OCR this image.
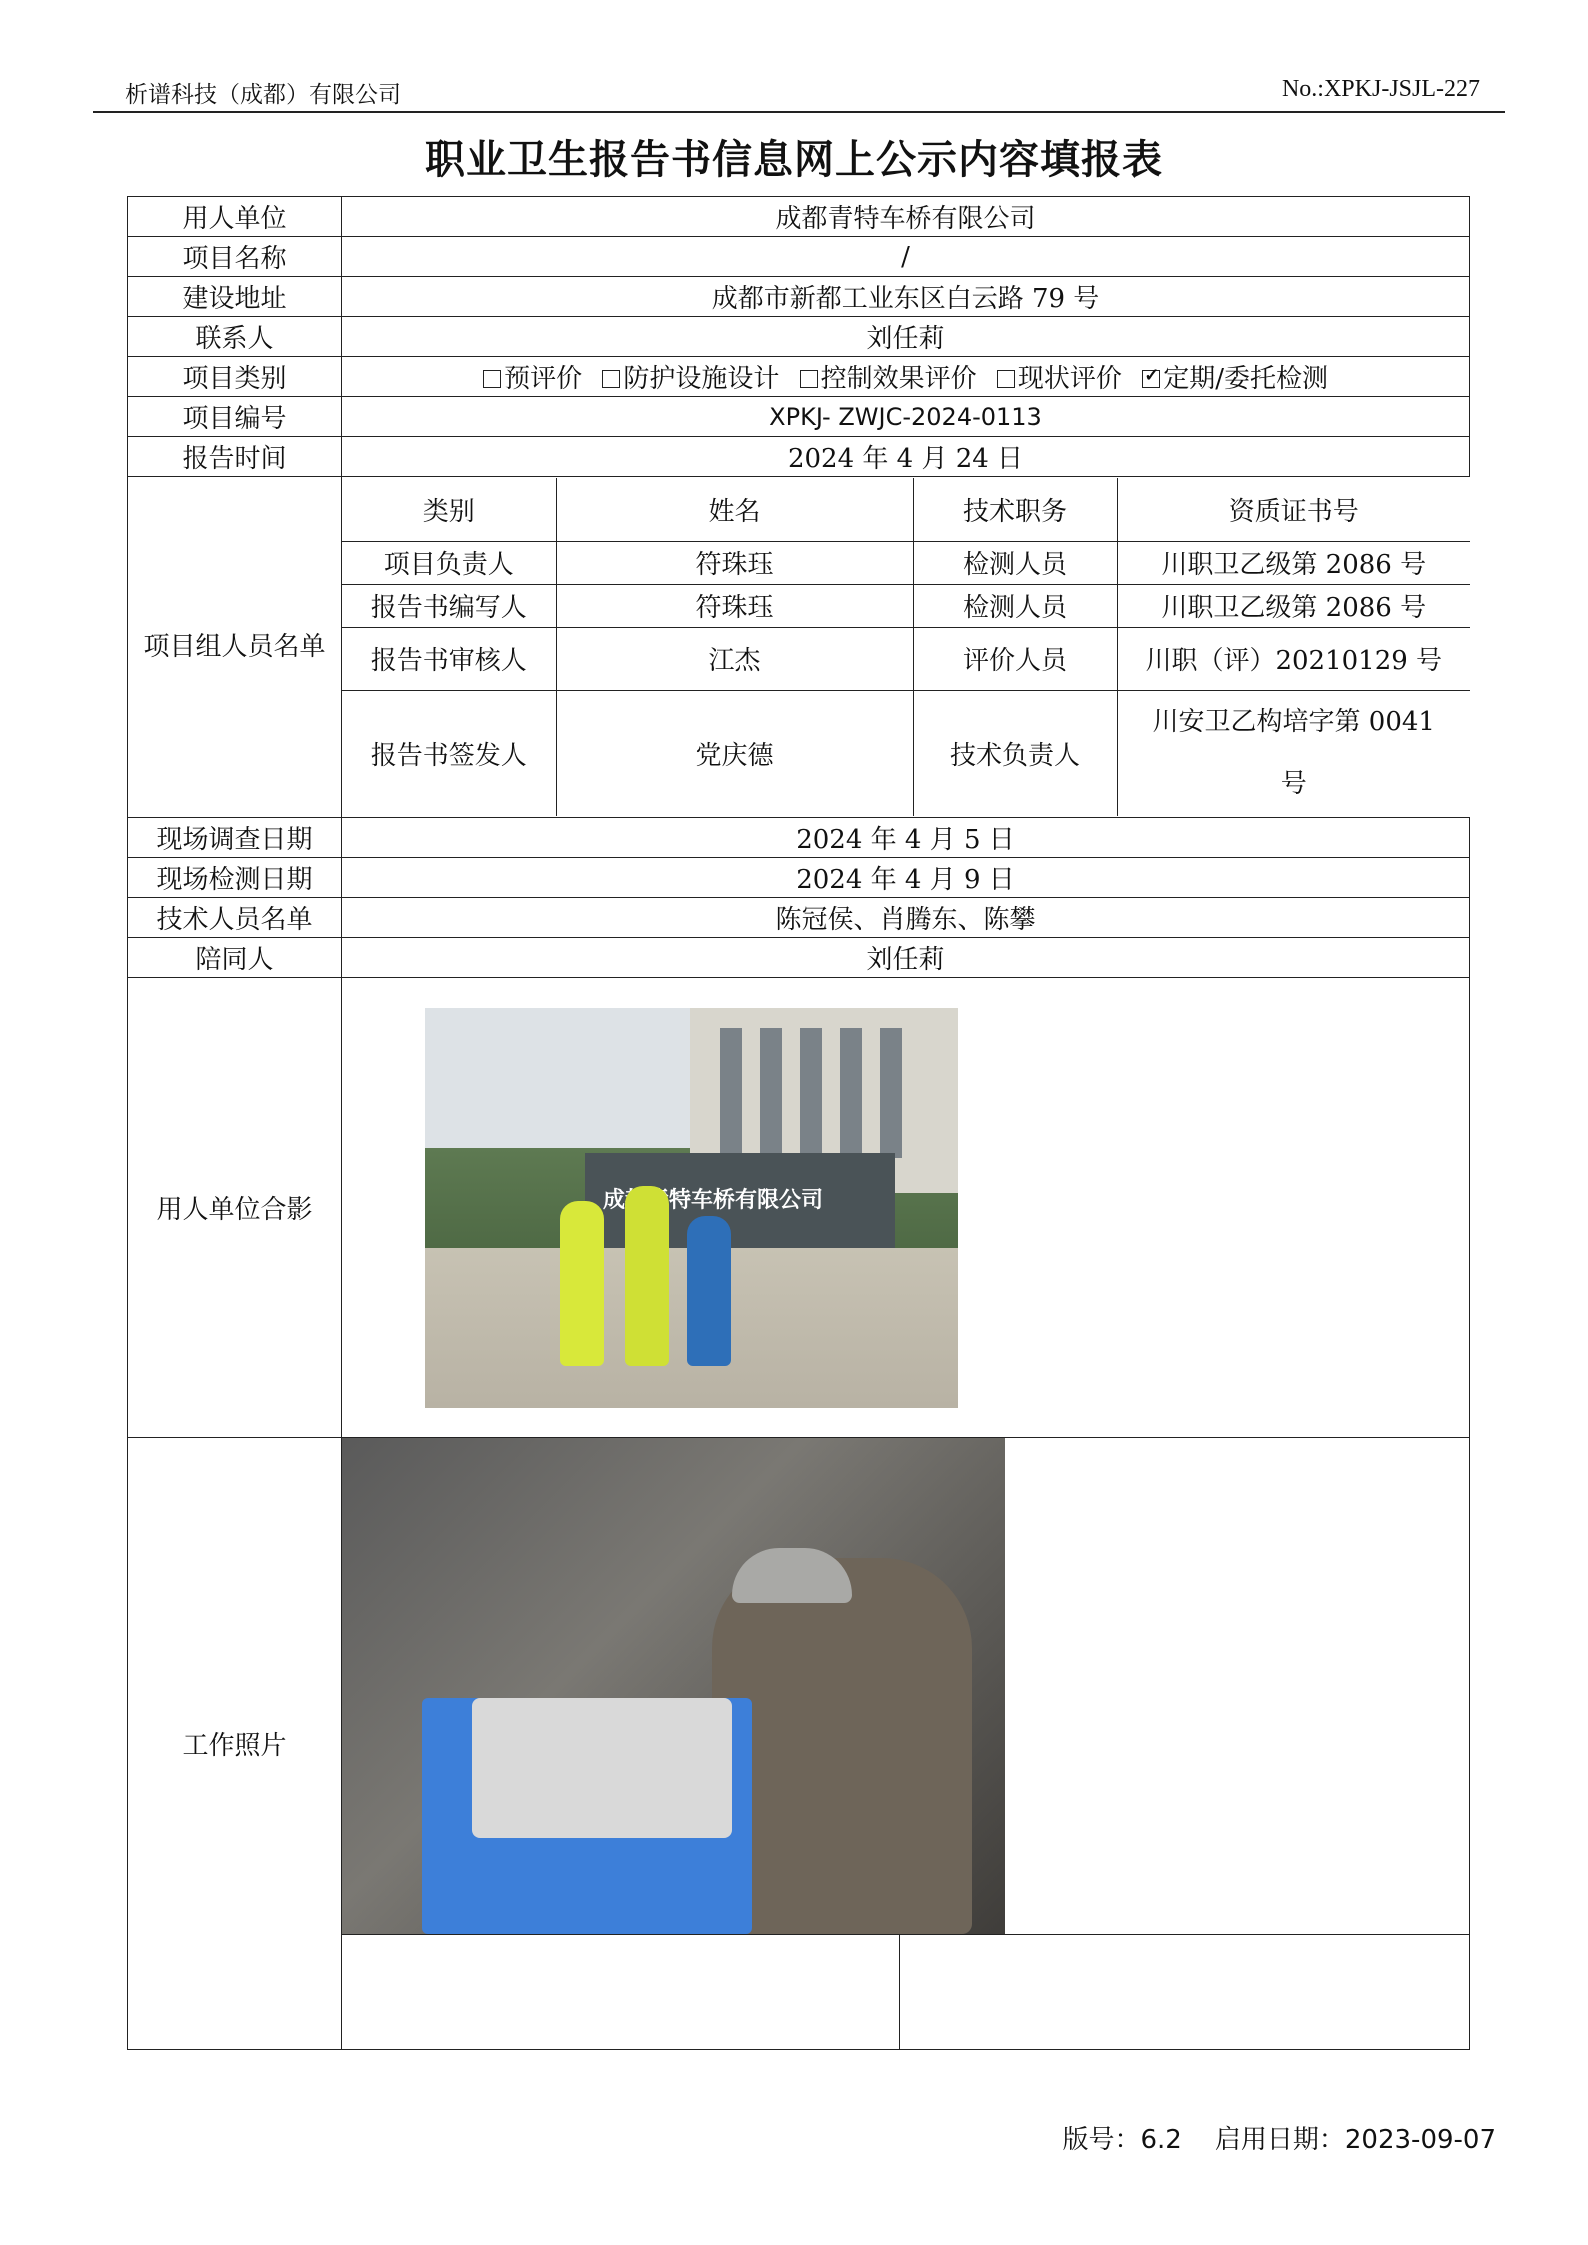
析谱科技（成都）有限公司	No.:XPKJ-JSJL-227
职业卫生报告书信息网上公示内容填报表
用人单位	成都青特车桥有限公司
项目名称	/
建设地址	成都市新都工业东区白云路 79 号
联系人	刘任莉
项目类别	预评价 防护设施设计 控制效果评价 现状评价 ✓ 定期/委托检测
项目编号	XPKJ- ZWJC-2024-0113
报告时间	2024 年 4 月 24 日
项目组人员名单	
类别	姓名	技术职务	资质证书号
项目负责人	符珠珏	检测人员	川职卫乙级第 2086 号
报告书编写人	符珠珏	检测人员	川职卫乙级第 2086 号
报告书审核人	江杰	评价人员	川职（评）20210129 号
报告书签发人	党庆德	技术负责人	川安卫乙构培字第 0041 号

现场调查日期	2024 年 4 月 5 日
现场检测日期	2024 年 4 月 9 日
技术人员名单	陈冠侯、肖腾东、陈攀
陪同人	刘任莉
用人单位合影	
成都青特车桥有限公司

工作照片	

版号：6.2 启用日期：2023-09-07
